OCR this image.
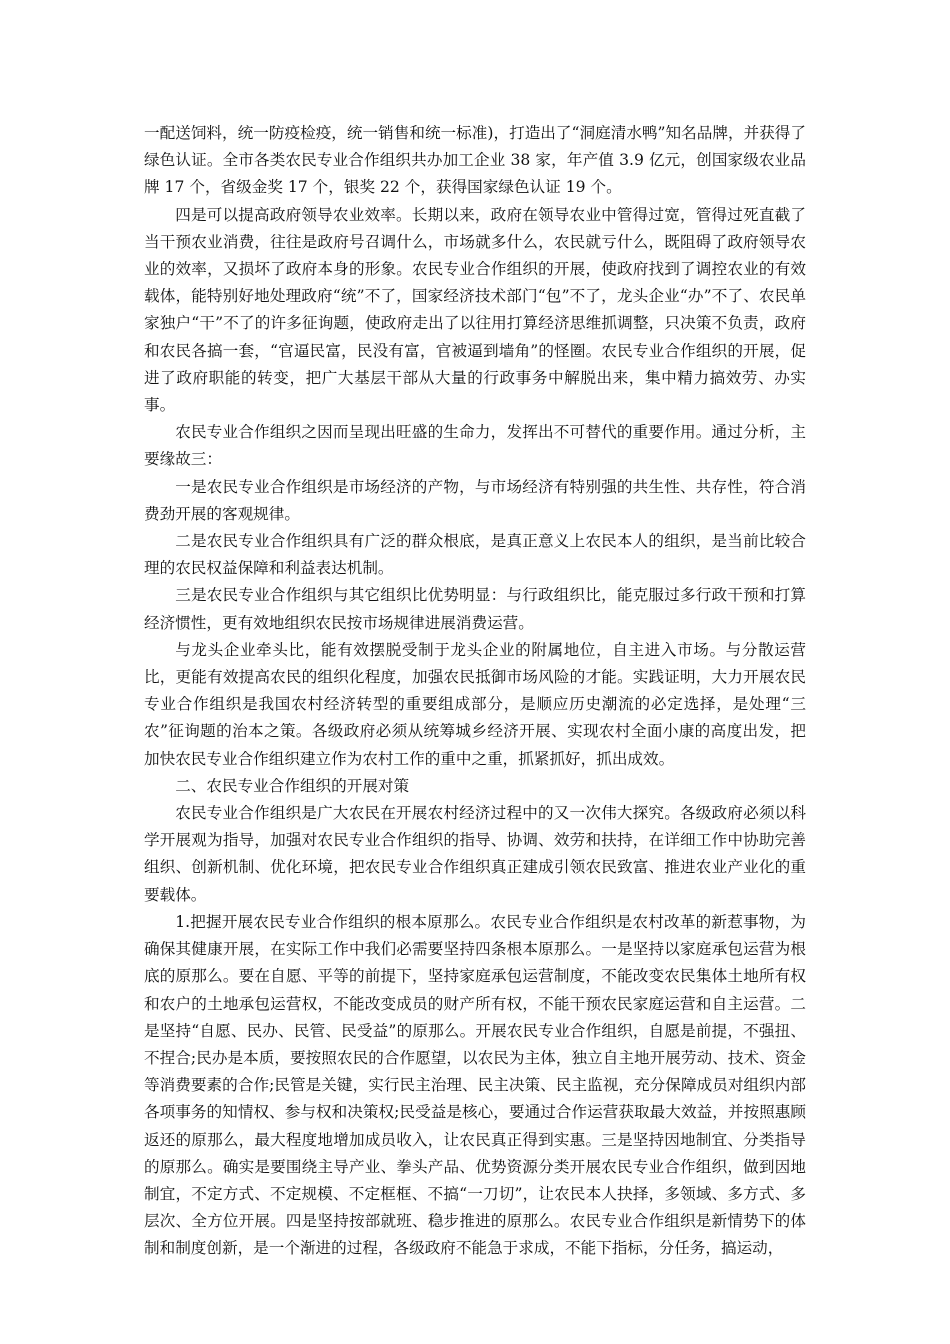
一配送饲料，统一防疫检疫，统一销售和统一标准)，打造出了“洞庭清水鸭”知名品牌，并获得了绿色认证。全市各类农民专业合作组织共办加工企业 38 家，年产值 3.9 亿元，创国家级农业品牌 17 个，省级金奖 17 个，银奖 22 个，获得国家绿色认证 19 个。

四是可以提高政府领导农业效率。长期以来，政府在领导农业中管得过宽，管得过死直截了当干预农业消费，往往是政府号召调什么，市场就多什么，农民就亏什么，既阻碍了政府领导农业的效率，又损坏了政府本身的形象。农民专业合作组织的开展，使政府找到了调控农业的有效载体，能特别好地处理政府“统”不了，国家经济技术部门“包”不了，龙头企业“办”不了、农民单家独户“干”不了的许多征询题，使政府走出了以往用打算经济思维抓调整，只决策不负责，政府和农民各搞一套，“官逼民富，民没有富，官被逼到墙角”的怪圈。农民专业合作组织的开展，促进了政府职能的转变，把广大基层干部从大量的行政事务中解脱出来，集中精力搞效劳、办实事。

农民专业合作组织之因而呈现出旺盛的生命力，发挥出不可替代的重要作用。通过分析，主要缘故三：

一是农民专业合作组织是市场经济的产物，与市场经济有特别强的共生性、共存性，符合消费劲开展的客观规律。

二是农民专业合作组织具有广泛的群众根底，是真正意义上农民本人的组织，是当前比较合理的农民权益保障和利益表达机制。

三是农民专业合作组织与其它组织比优势明显：与行政组织比，能克服过多行政干预和打算经济惯性，更有效地组织农民按市场规律进展消费运营。

与龙头企业牵头比，能有效摆脱受制于龙头企业的附属地位，自主进入市场。与分散运营比，更能有效提高农民的组织化程度，加强农民抵御市场风险的才能。实践证明，大力开展农民专业合作组织是我国农村经济转型的重要组成部分，是顺应历史潮流的必定选择，是处理“三农”征询题的治本之策。各级政府必须从统筹城乡经济开展、实现农村全面小康的高度出发，把加快农民专业合作组织建立作为农村工作的重中之重，抓紧抓好，抓出成效。

二、农民专业合作组织的开展对策

农民专业合作组织是广大农民在开展农村经济过程中的又一次伟大探究。各级政府必须以科学开展观为指导，加强对农民专业合作组织的指导、协调、效劳和扶持，在详细工作中协助完善组织、创新机制、优化环境，把农民专业合作组织真正建成引领农民致富、推进农业产业化的重要载体。

1.把握开展农民专业合作组织的根本原那么。农民专业合作组织是农村改革的新惹事物，为确保其健康开展，在实际工作中我们必需要坚持四条根本原那么。一是坚持以家庭承包运营为根底的原那么。要在自愿、平等的前提下，坚持家庭承包运营制度，不能改变农民集体土地所有权和农户的土地承包运营权，不能改变成员的财产所有权，不能干预农民家庭运营和自主运营。二是坚持“自愿、民办、民管、民受益”的原那么。开展农民专业合作组织，自愿是前提，不强扭、不捏合;民办是本质，要按照农民的合作愿望，以农民为主体，独立自主地开展劳动、技术、资金等消费要素的合作;民管是关键，实行民主治理、民主决策、民主监视，充分保障成员对组织内部各项事务的知情权、参与权和决策权;民受益是核心，要通过合作运营获取最大效益，并按照惠顾返还的原那么，最大程度地增加成员收入，让农民真正得到实惠。三是坚持因地制宜、分类指导的原那么。确实是要围绕主导产业、拳头产品、优势资源分类开展农民专业合作组织，做到因地制宜，不定方式、不定规模、不定框框、不搞“一刀切”，让农民本人抉择，多领域、多方式、多层次、全方位开展。四是坚持按部就班、稳步推进的原那么。农民专业合作组织是新情势下的体制和制度创新，是一个渐进的过程，各级政府不能急于求成，不能下指标，分任务，搞运动，
